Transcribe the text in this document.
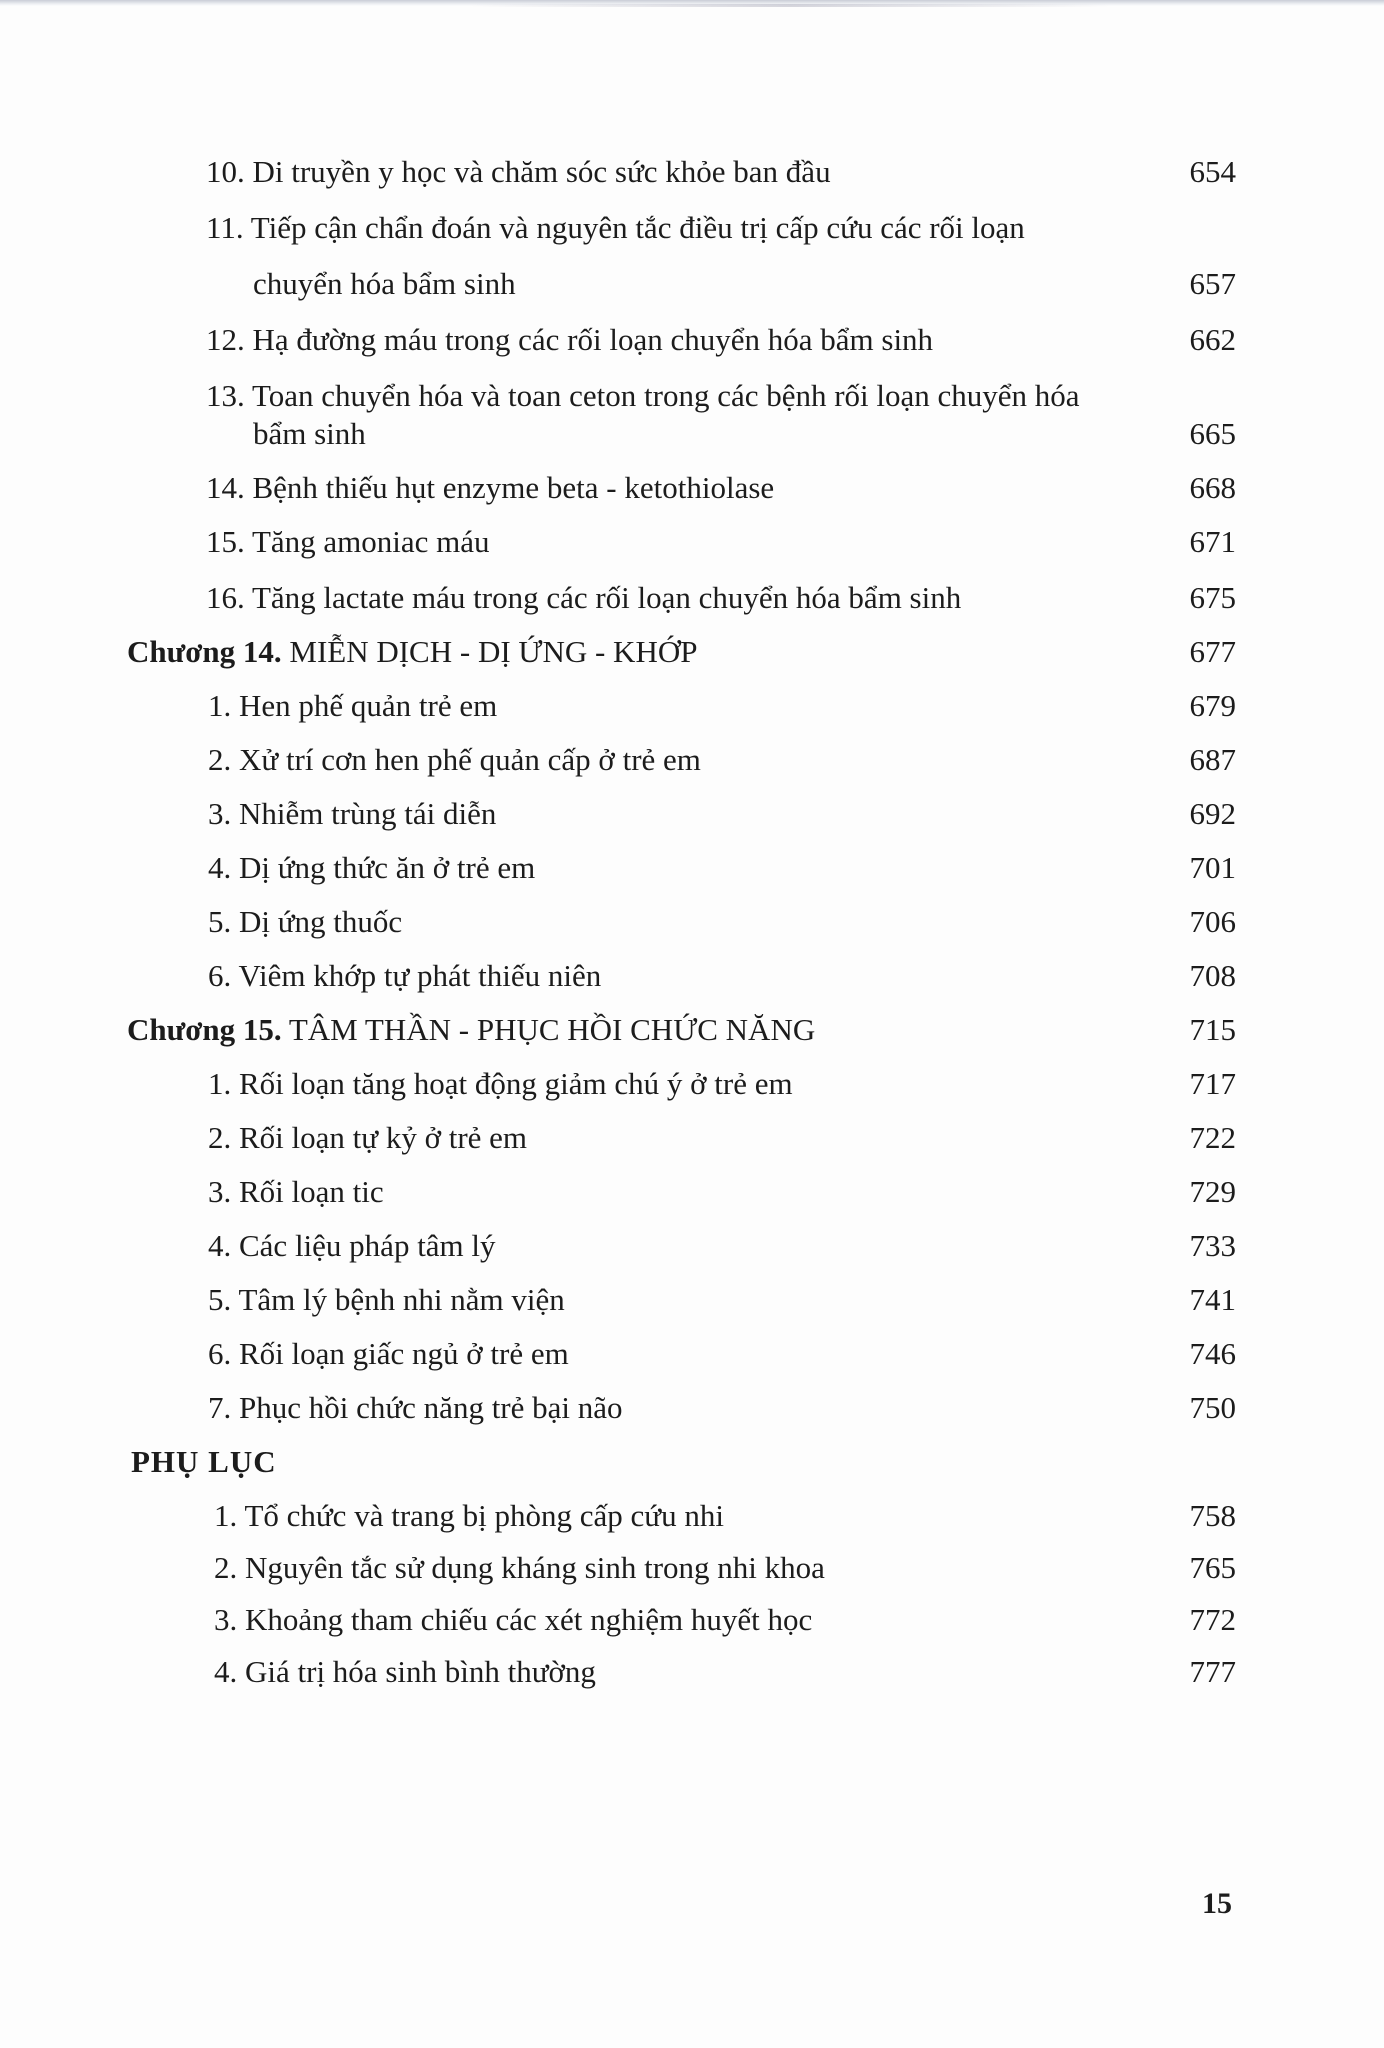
10. Di truyền y học và chăm sóc sức khỏe ban đầu	654
11. Tiếp cận chẩn đoán và nguyên tắc điều trị cấp cứu các rối loạn
chuyển hóa bẩm sinh	657
12. Hạ đường máu trong các rối loạn chuyển hóa bẩm sinh	662
13. Toan chuyển hóa và toan ceton trong các bệnh rối loạn chuyển hóa
bẩm sinh	665
14. Bệnh thiếu hụt enzyme beta - ketothiolase	668
15. Tăng amoniac máu	671
16. Tăng lactate máu trong các rối loạn chuyển hóa bẩm sinh	675
Chương 14. MIỄN DỊCH - DỊ ỨNG - KHỚP	677
1. Hen phế quản trẻ em	679
2. Xử trí cơn hen phế quản cấp ở trẻ em	687
3. Nhiễm trùng tái diễn	692
4. Dị ứng thức ăn ở trẻ em	701
5. Dị ứng thuốc	706
6. Viêm khớp tự phát thiếu niên	708
Chương 15. TÂM THẦN - PHỤC HỒI CHỨC NĂNG	715
1. Rối loạn tăng hoạt động giảm chú ý ở trẻ em	717
2. Rối loạn tự kỷ ở trẻ em	722
3. Rối loạn tic	729
4. Các liệu pháp tâm lý	733
5. Tâm lý bệnh nhi nằm viện	741
6. Rối loạn giấc ngủ ở trẻ em	746
7. Phục hồi chức năng trẻ bại não	750
PHỤ LỤC
1. Tổ chức và trang bị phòng cấp cứu nhi	758
2. Nguyên tắc sử dụng kháng sinh trong nhi khoa	765
3. Khoảng tham chiếu các xét nghiệm huyết học	772
4. Giá trị hóa sinh bình thường	777
15
